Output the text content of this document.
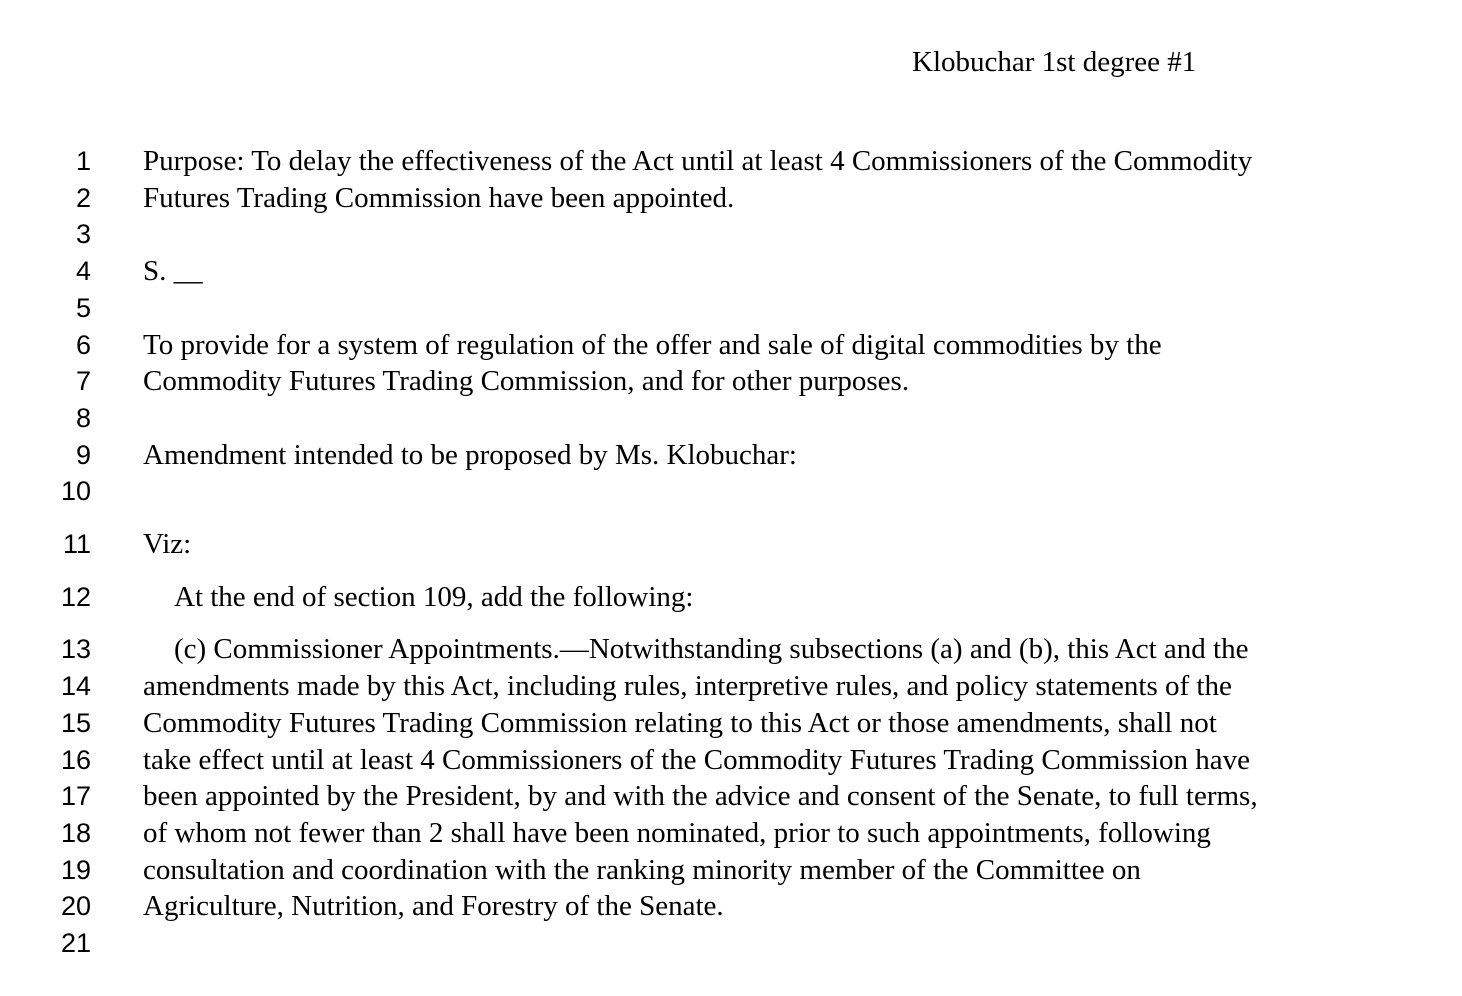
Klobuchar 1st degree #1
1 Purpose: To delay the effectiveness of the Act until at least 4 Commissioners of the Commodity
2 Futures Trading Commission have been appointed.
3
4 S. __
5
6 To provide for a system of regulation of the offer and sale of digital commodities by the
7 Commodity Futures Trading Commission, and for other purposes.
8
9 Amendment intended to be proposed by Ms. Klobuchar:
10
11 Viz:
12	At the end of section 109, add the following:
13	(c) Commissioner Appointments.—Notwithstanding subsections (a) and (b), this Act and the
14 amendments made by this Act, including rules, interpretive rules, and policy statements of the
15 Commodity Futures Trading Commission relating to this Act or those amendments, shall not
16 take effect until at least 4 Commissioners of the Commodity Futures Trading Commission have
17 been appointed by the President, by and with the advice and consent of the Senate, to full terms,
18 of whom not fewer than 2 shall have been nominated, prior to such appointments, following
19 consultation and coordination with the ranking minority member of the Committee on
20 Agriculture, Nutrition, and Forestry of the Senate.
21
